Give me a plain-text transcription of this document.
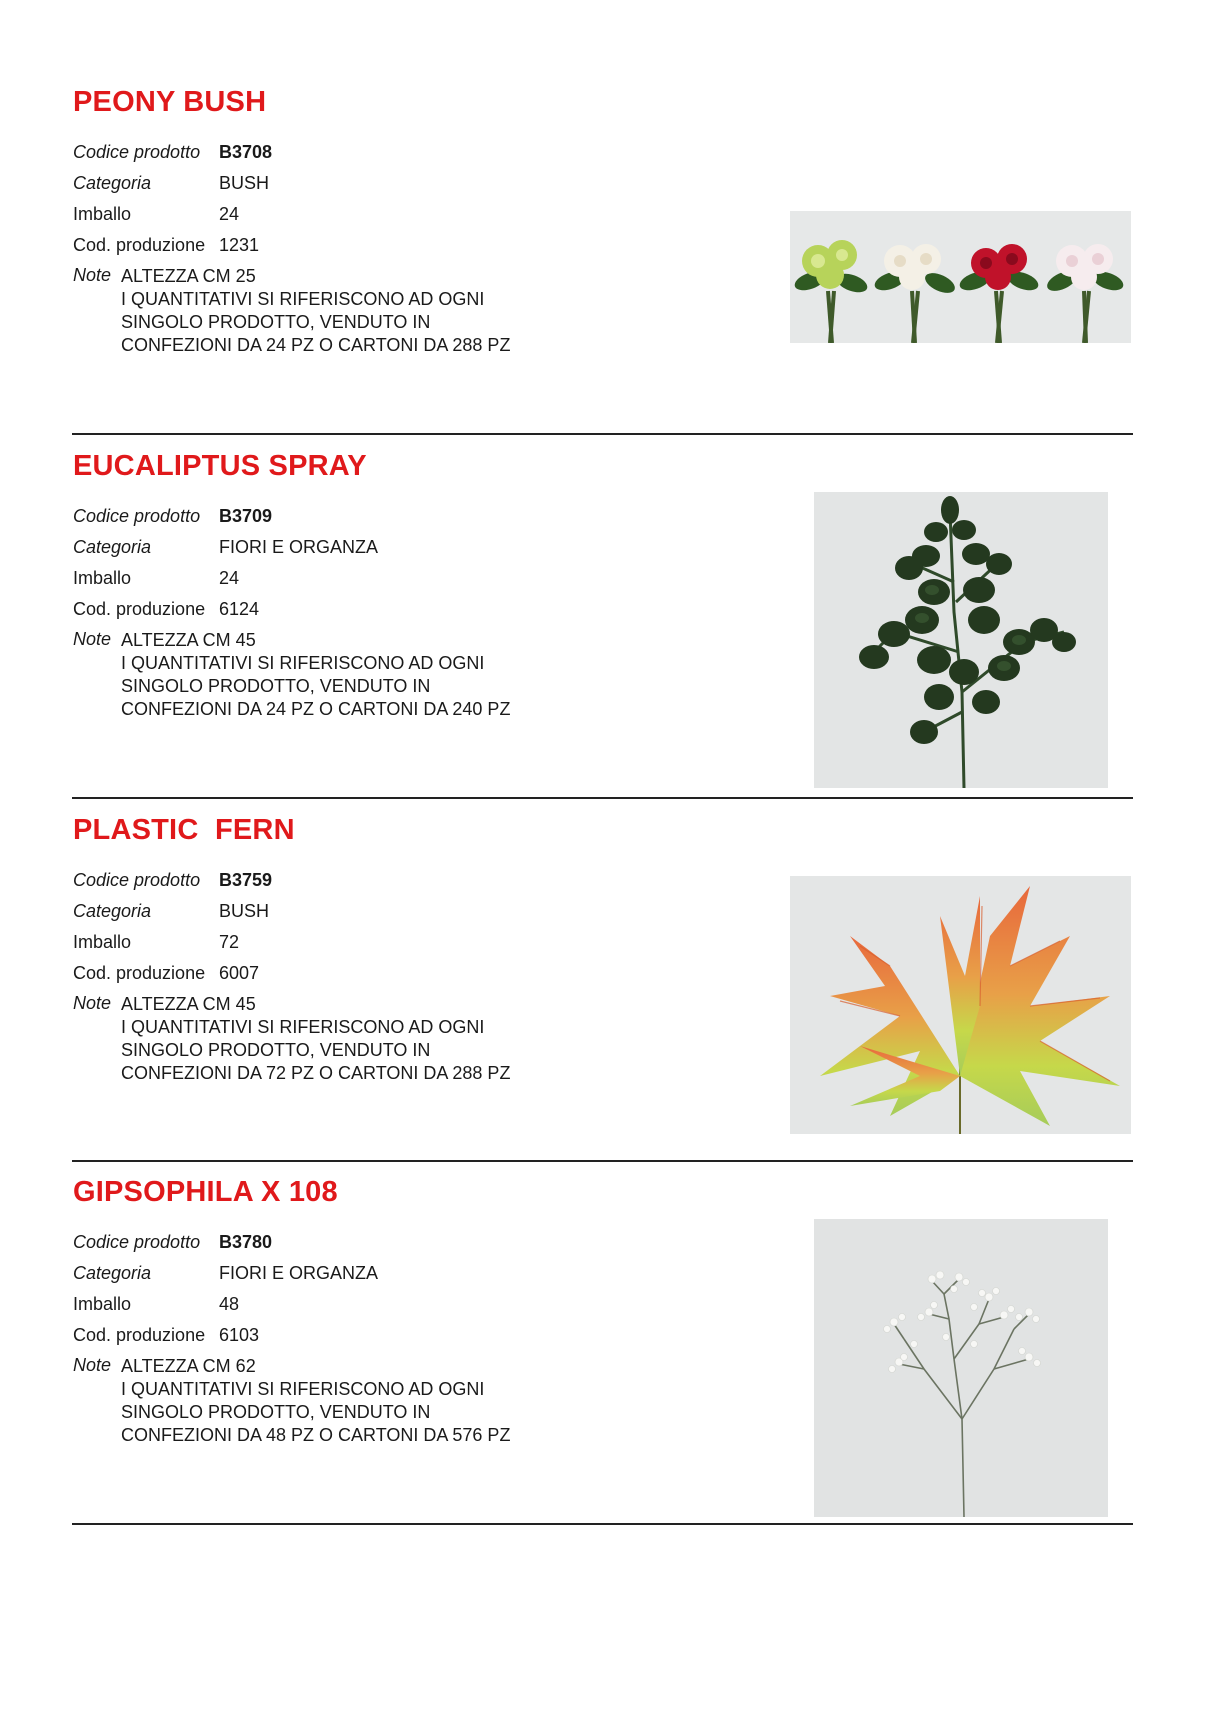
PEONY BUSH
Codice prodotto B3708
Categoria	BUSH
Imballo	24
Cod. produzione 1231
Note ALTEZZA CM 25
I QUANTITATIVI SI RIFERISCONO AD OGNI
SINGOLO PRODOTTO, VENDUTO IN
CONFEZIONI DA 24 PZ O CARTONI DA 288 PZ
EUCALIPTUS SPRAY
Codice prodotto B3709
Categoria	FIORI E ORGANZA
Imballo	24
Cod. produzione 6124
Note ALTEZZA CM 45
I QUANTITATIVI SI RIFERISCONO AD OGNI
SINGOLO PRODOTTO, VENDUTO IN
CONFEZIONI DA 24 PZ O CARTONI DA 240 PZ
PLASTIC  FERN
Codice prodotto B3759
Categoria	BUSH
Imballo	72
Cod. produzione 6007
Note ALTEZZA CM 45
I QUANTITATIVI SI RIFERISCONO AD OGNI
SINGOLO PRODOTTO, VENDUTO IN
CONFEZIONI DA 72 PZ O CARTONI DA 288 PZ
GIPSOPHILA X 108
Codice prodotto B3780
Categoria	FIORI E ORGANZA
Imballo	48
Cod. produzione 6103
Note ALTEZZA CM 62
I QUANTITATIVI SI RIFERISCONO AD OGNI
SINGOLO PRODOTTO, VENDUTO IN
CONFEZIONI DA 48 PZ O CARTONI DA 576 PZ
